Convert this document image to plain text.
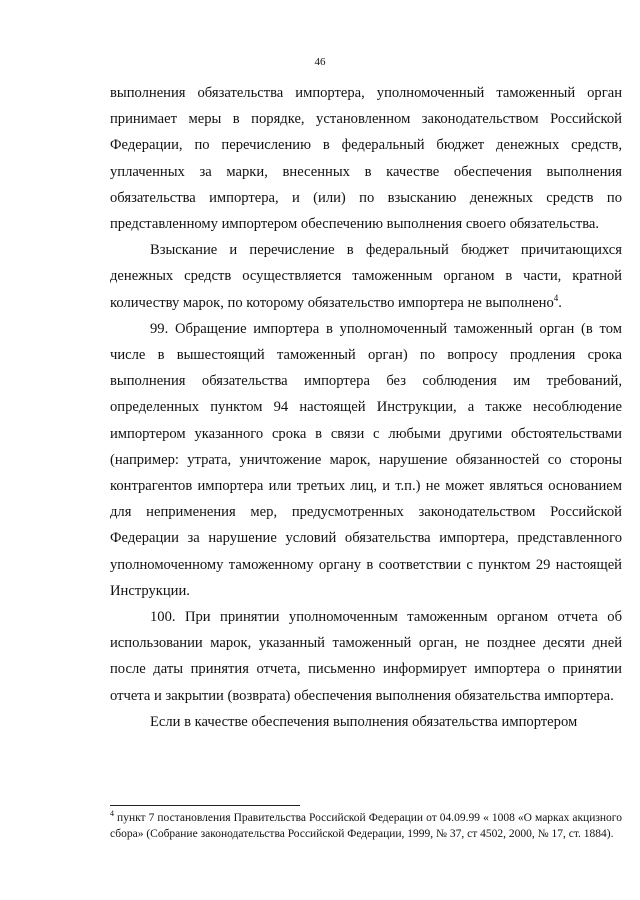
46

выполнения обязательства импортера, уполномоченный таможенный орган принимает меры в порядке, установленном законодательством Российской Федерации, по перечислению в федеральный бюджет денежных средств, уплаченных за марки, внесенных в качестве обеспечения выполнения обязательства импортера, и (или) по взысканию денежных средств по представленному импортером обеспечению выполнения своего обязательства.

Взыскание и перечисление в федеральный бюджет причитающихся денежных средств осуществляется таможенным органом в части, кратной количеству марок, по которому обязательство импортера не выполнено$^4$.

99. Обращение импортера в уполномоченный таможенный орган (в том числе в вышестоящий таможенный орган) по вопросу продления срока выполнения обязательства импортера без соблюдения им требований, определенных пунктом 94 настоящей Инструкции, а также несоблюдение импортером указанного срока в связи с любыми другими обстоятельствами (например: утрата, уничтожение марок, нарушение обязанностей со стороны контрагентов импортера или третьих лиц, и т.п.) не может являться основанием для неприменения мер, предусмотренных законодательством Российской Федерации за нарушение условий обязательства импортера, представленного уполномоченному таможенному органу в соответствии с пунктом 29 настоящей Инструкции.

100. При принятии уполномоченным таможенным органом отчета об использовании марок, указанный таможенный орган, не позднее десяти дней после даты принятия отчета, письменно информирует импортера о принятии отчета и закрытии (возврата) обеспечения выполнения обязательства импортера.

Если в качестве обеспечения выполнения обязательства импортером

$^4$ пункт 7 постановления Правительства Российской Федерации от 04.09.99 « 1008 «О марках акцизного сбора» (Собрание законодательства Российской Федерации, 1999, № 37, ст 4502, 2000, № 17, ст. 1884).
